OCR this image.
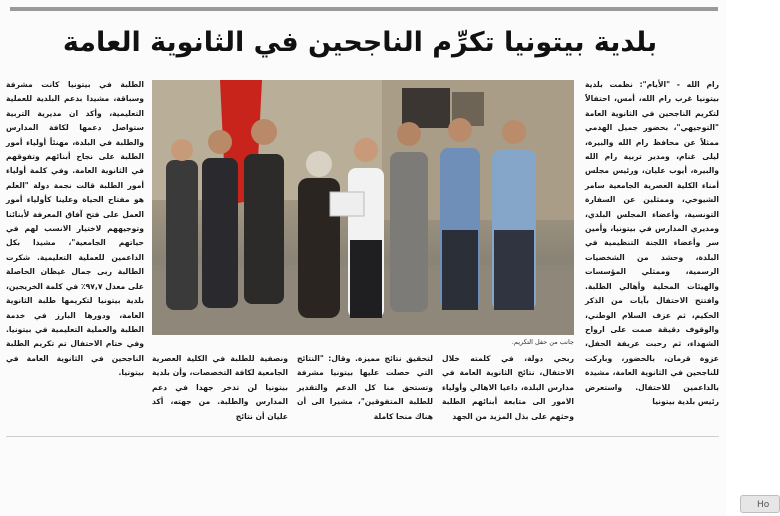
بلدية بيتونيا تكرِّم الناجحين في الثانوية العامة

رام الله - "الأيام": نظمت بلدية بيتونيا غرب رام الله، أمس، احتفالاً لتكريم الناجحين في الثانوية العامة "التوجيهي"، بحضور جميل الهدمي ممثلاً عن محافظ رام الله والبيرة، ليلى غنام، ومدير تربية رام الله والبيرة، أيوب عليان، ورئيس مجلس أمناء الكلية العصرية الجامعية سامر الشيوخي، وممثلين عن السفارة التونسية، وأعضاء المجلس البلدي، ومديري المدارس في بيتونيا، وأمين سر وأعضاء اللجنة التنظيمية في البلدة، وحشد من الشخصيات الرسمية، وممثلي المؤسسات والهيئات المحلية وأهالي الطلبة. وافتتح الاحتفال بآيات من الذكر الحكيم، ثم عزف السلام الوطني، والوقوف دقيقة صمت على ارواح الشهداء، ثم رحبت عريفة الحفل، عزوة قرمان، بالحضور، وباركت للناجحين في الثانوية العامة، مشيدة بالداعمين للاحتفال. واستعرض رئيس بلدية بيتونيا

جانب من حفل التكريم.

ربحي دولة، في كلمته خلال الاحتفال، نتائج الثانوية العامة في مدارس البلدة، داعيا الاهالي وأولياء الامور الى متابعة أبنائهم الطلبة وحثهم على بذل المزيد من الجهد

لتحقيق نتائج مميزة. وقال: "النتائج التي حصلت عليها بيتونيا مشرفة وتستحق منا كل الدعم والتقدير للطلبة المتفوقين"، مشيرا الى أن هناك منحا كاملة

ونصفية للطلبة في الكلية العصرية الجامعية لكافة التخصصات، وأن بلدية بيتونيا لن تدخر جهدا في دعم المدارس والطلبة. من جهته، أكد عليان أن نتائج

الطلبة في بيتونيا كانت مشرفة وسباقة، مشيدا بدعم البلدية للعملية التعليمية، وأكد ان مديرية التربية ستواصل دعمها لكافة المدارس والطلبة في البلدة، مهنئاً أولياء أمور الطلبة على نجاح أبنائهم وتفوقهم في الثانوية العامة. وفي كلمة أولياء أمور الطلبة قالت نجمة دولة "العلم هو مفتاح الحياة وعلينا كأولياء أمور العمل على فتح آفاق المعرفة لأبنائنا وتوجيههم لاختيار الانسب لهم في حياتهم الجامعية"، مشيدا بكل الداعمين للعملية التعليمية. شكرت الطالبة ربى جمال غيظان الحاصلة على معدل ٩٧,٧٪ في كلمة الخريجين، بلدية بيتونيا لتكريمها طلبة الثانوية العامة، ودورها البارز في خدمة الطلبة والعملية التعليمية في بيتونيا. وفي ختام الاحتفال تم تكريم الطلبة الناجحين في الثانوية العامة في بيتونيا.

Ho
